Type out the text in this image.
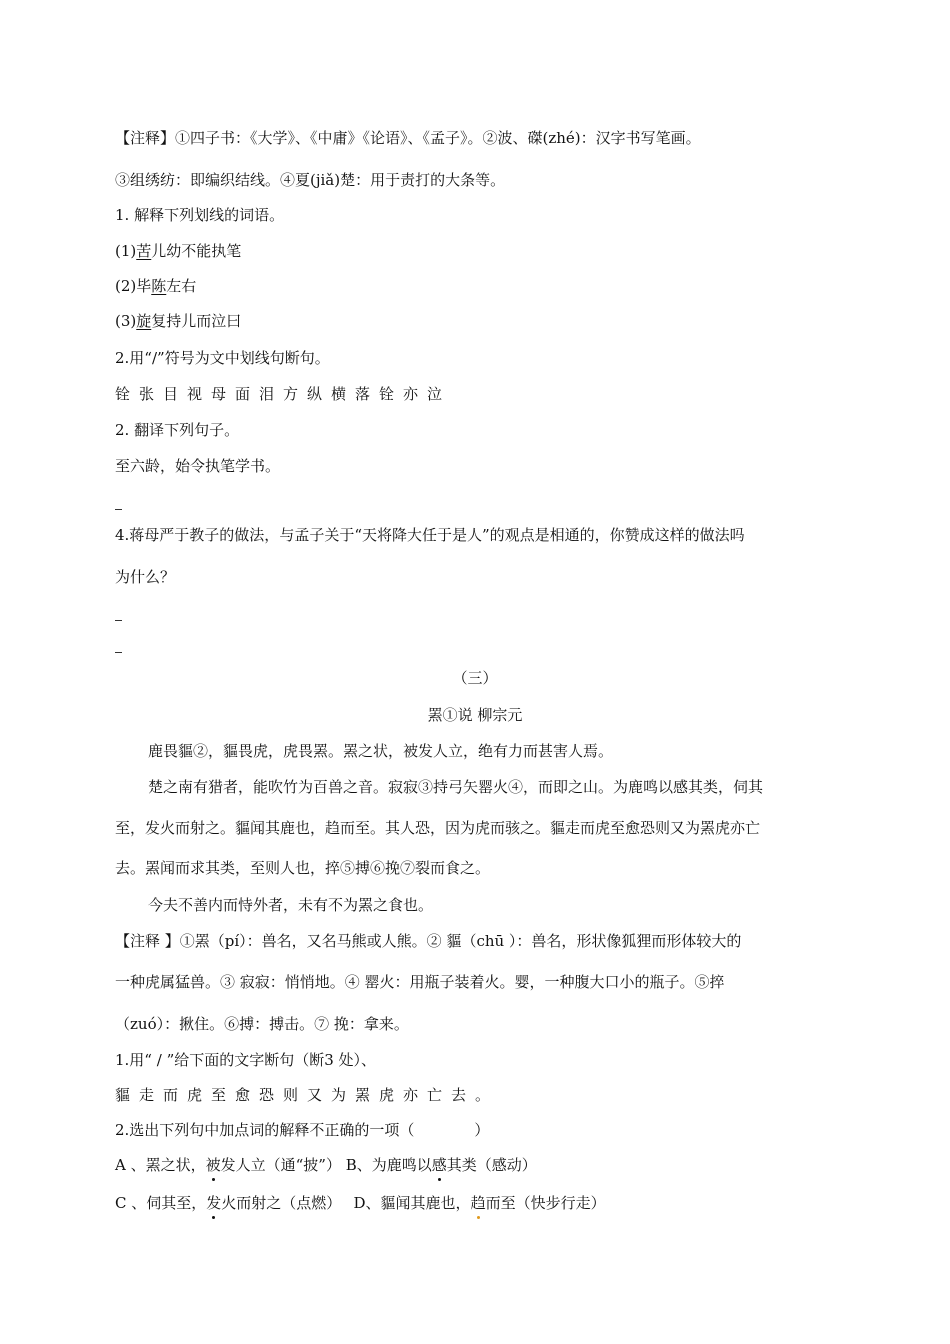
【注释】①四子书：《大学》、《中庸》《论语》、《孟子》。②波、磔(zhé)：汉字书写笔画。
③组绣纺：即编织结线。④夏(jiǎ)楚：用于责打的大条等。
1. 解释下列划线的词语。
(1)苦儿幼不能执笔
(2)毕陈左右
(3)旋复持儿而泣曰
2.用“/”符号为文中划线句断句。
铨张目视母面泪方纵横落铨亦泣
2. 翻译下列句子。
至六龄，始令执笔学书。
4.蒋母严于教子的做法，与孟子关于“天将降大任于是人”的观点是相通的，你赞成这样的做法吗
为什么？
（三）
罴①说 柳宗元
鹿畏貙②，貙畏虎，虎畏罴。罴之状，被发人立，绝有力而甚害人焉。
楚之南有猎者，能吹竹为百兽之音。寂寂③持弓矢罂火④，而即之山。为鹿鸣以感其类，伺其
至，发火而射之。貙闻其鹿也，趋而至。其人恐，因为虎而骇之。貙走而虎至愈恐则又为罴虎亦亡
去。罴闻而求其类，至则人也，捽⑤搏⑥挽⑦裂而食之。
今夫不善内而恃外者，未有不为罴之食也。
【注释 】①罴（pí）：兽名，又名马熊或人熊。② 貙（chū ）：兽名，形状像狐狸而形体较大的
一种虎属猛兽。③ 寂寂：悄悄地。④ 罂火：用瓶子装着火。婴，一种腹大口小的瓶子。⑤捽
（zuó）：揪住。⑥搏：搏击。⑦ 挽：拿来。
1.用“ / ”给下面的文字断句（断3 处）、
貙走而虎至愈恐则又为罴虎亦亡去。
2.选出下列句中加点词的解释不正确的一项（　　　　）
A 、罴之状，被发人立（通“披”） B、为鹿鸣以感其类（感动）
C 、伺其至，发火而射之（点燃）　 D、貙闻其鹿也，趋而至（快步行走）
